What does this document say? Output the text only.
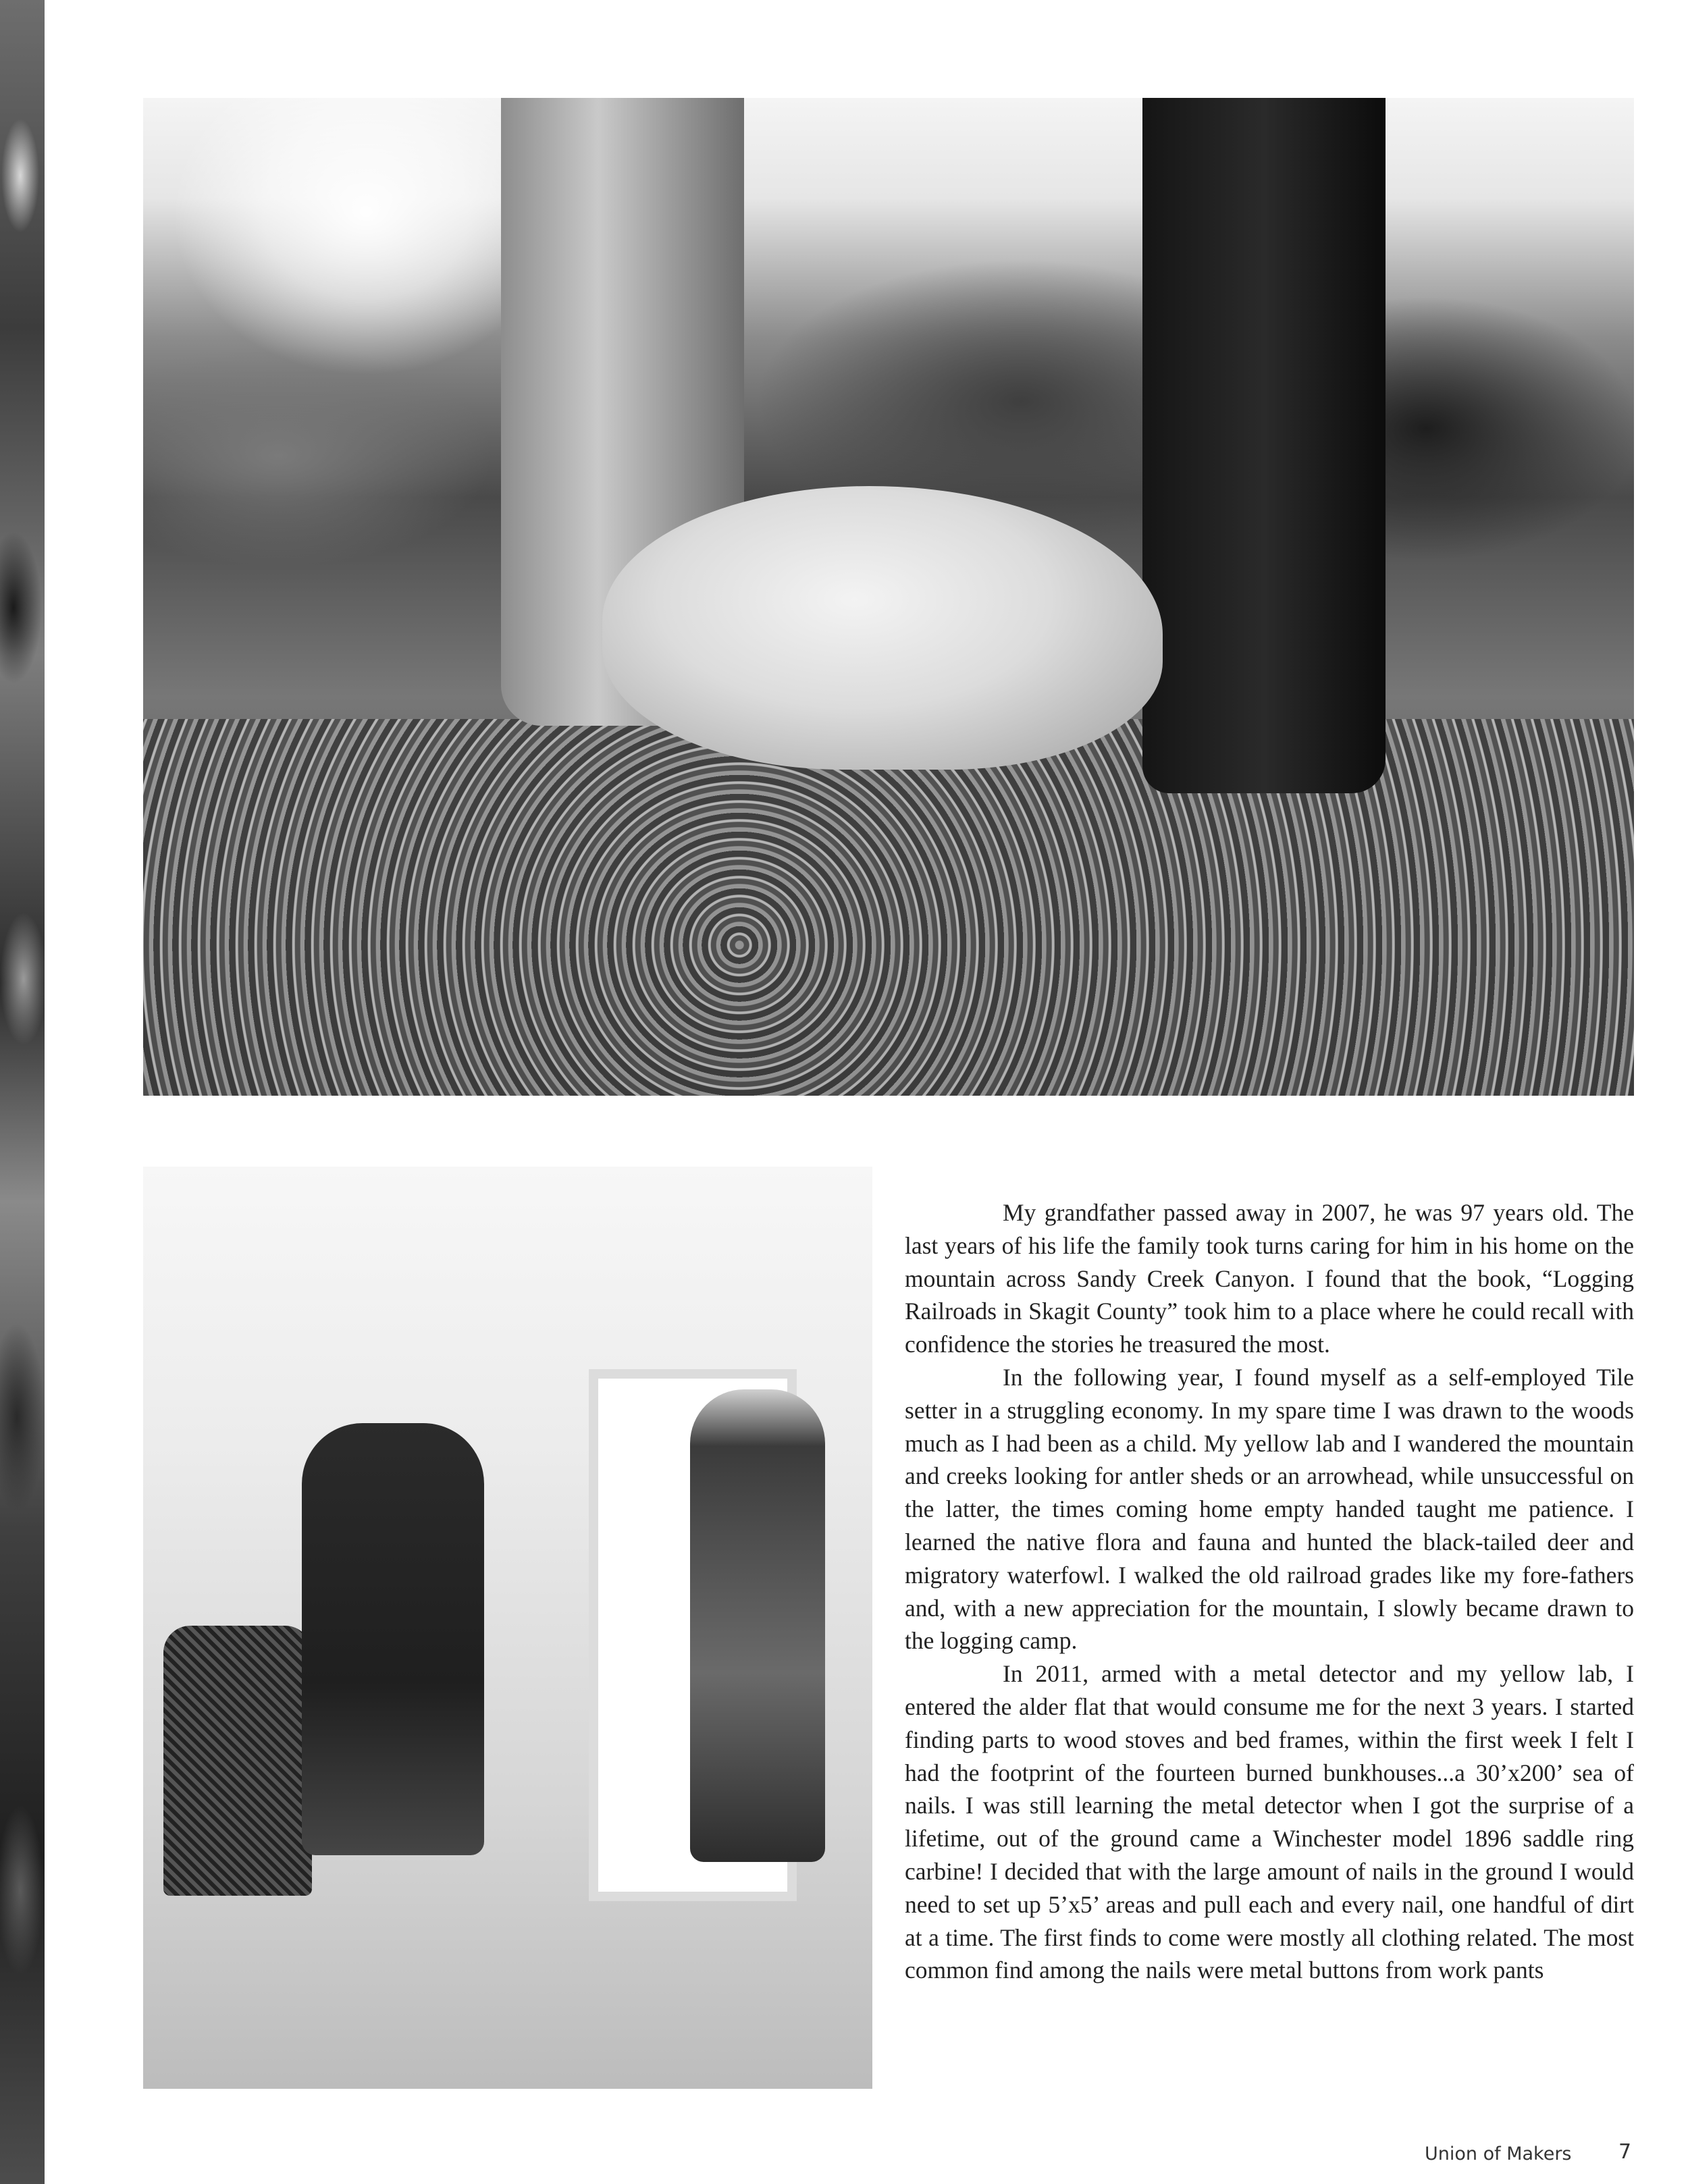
My grandfather passed away in 2007, he was 97 years old. The last years of his life the family took turns caring for him in his home on the mountain across Sandy Creek Canyon. I found that the book, “Logging Railroads in Skagit County” took him to a place where he could recall with confidence the stories he treasured the most.

In the following year, I found myself as a self-employed Tile setter in a struggling economy. In my spare time I was drawn to the woods much as I had been as a child. My yellow lab and I wandered the mountain and creeks looking for antler sheds or an arrowhead, while unsuccessful on the latter, the times coming home empty handed taught me patience. I learned the native flora and fauna and hunted the black-tailed deer and migratory waterfowl. I walked the old railroad grades like my fore-fathers and, with a new appreciation for the mountain, I slowly became drawn to the logging camp.

In 2011, armed with a metal detector and my yellow lab, I entered the alder flat that would consume me for the next 3 years. I started finding parts to wood stoves and bed frames, within the first week I felt I had the footprint of the fourteen burned bunkhouses...a 30’x200’ sea of nails. I was still learning the metal detector when I got the surprise of a lifetime, out of the ground came a Winchester model 1896 saddle ring carbine! I decided that with the large amount of nails in the ground I would need to set up 5’x5’ areas and pull each and every nail, one handful of dirt at a time. The first finds to come were mostly all clothing related. The most common find among the nails were metal buttons from work pants

Union of Makers 7
